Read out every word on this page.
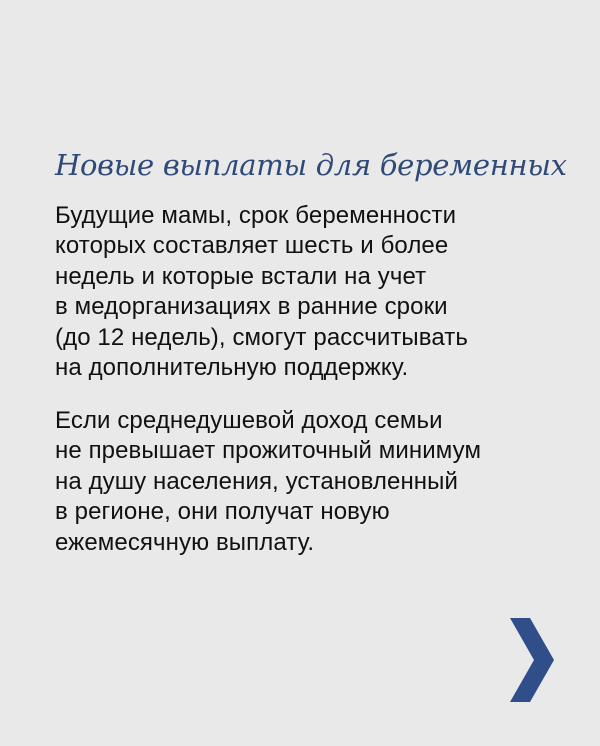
Новые выплаты для беременных

Будущие мамы, срок беременности
которых составляет шесть и более
недель и которые встали на учет
в медорганизациях в ранние сроки
(до 12 недель), смогут рассчитывать
на дополнительную поддержку.

Если среднедушевой доход семьи
не превышает прожиточный минимум
на душу населения, установленный
в регионе, они получат новую
ежемесячную выплату.
